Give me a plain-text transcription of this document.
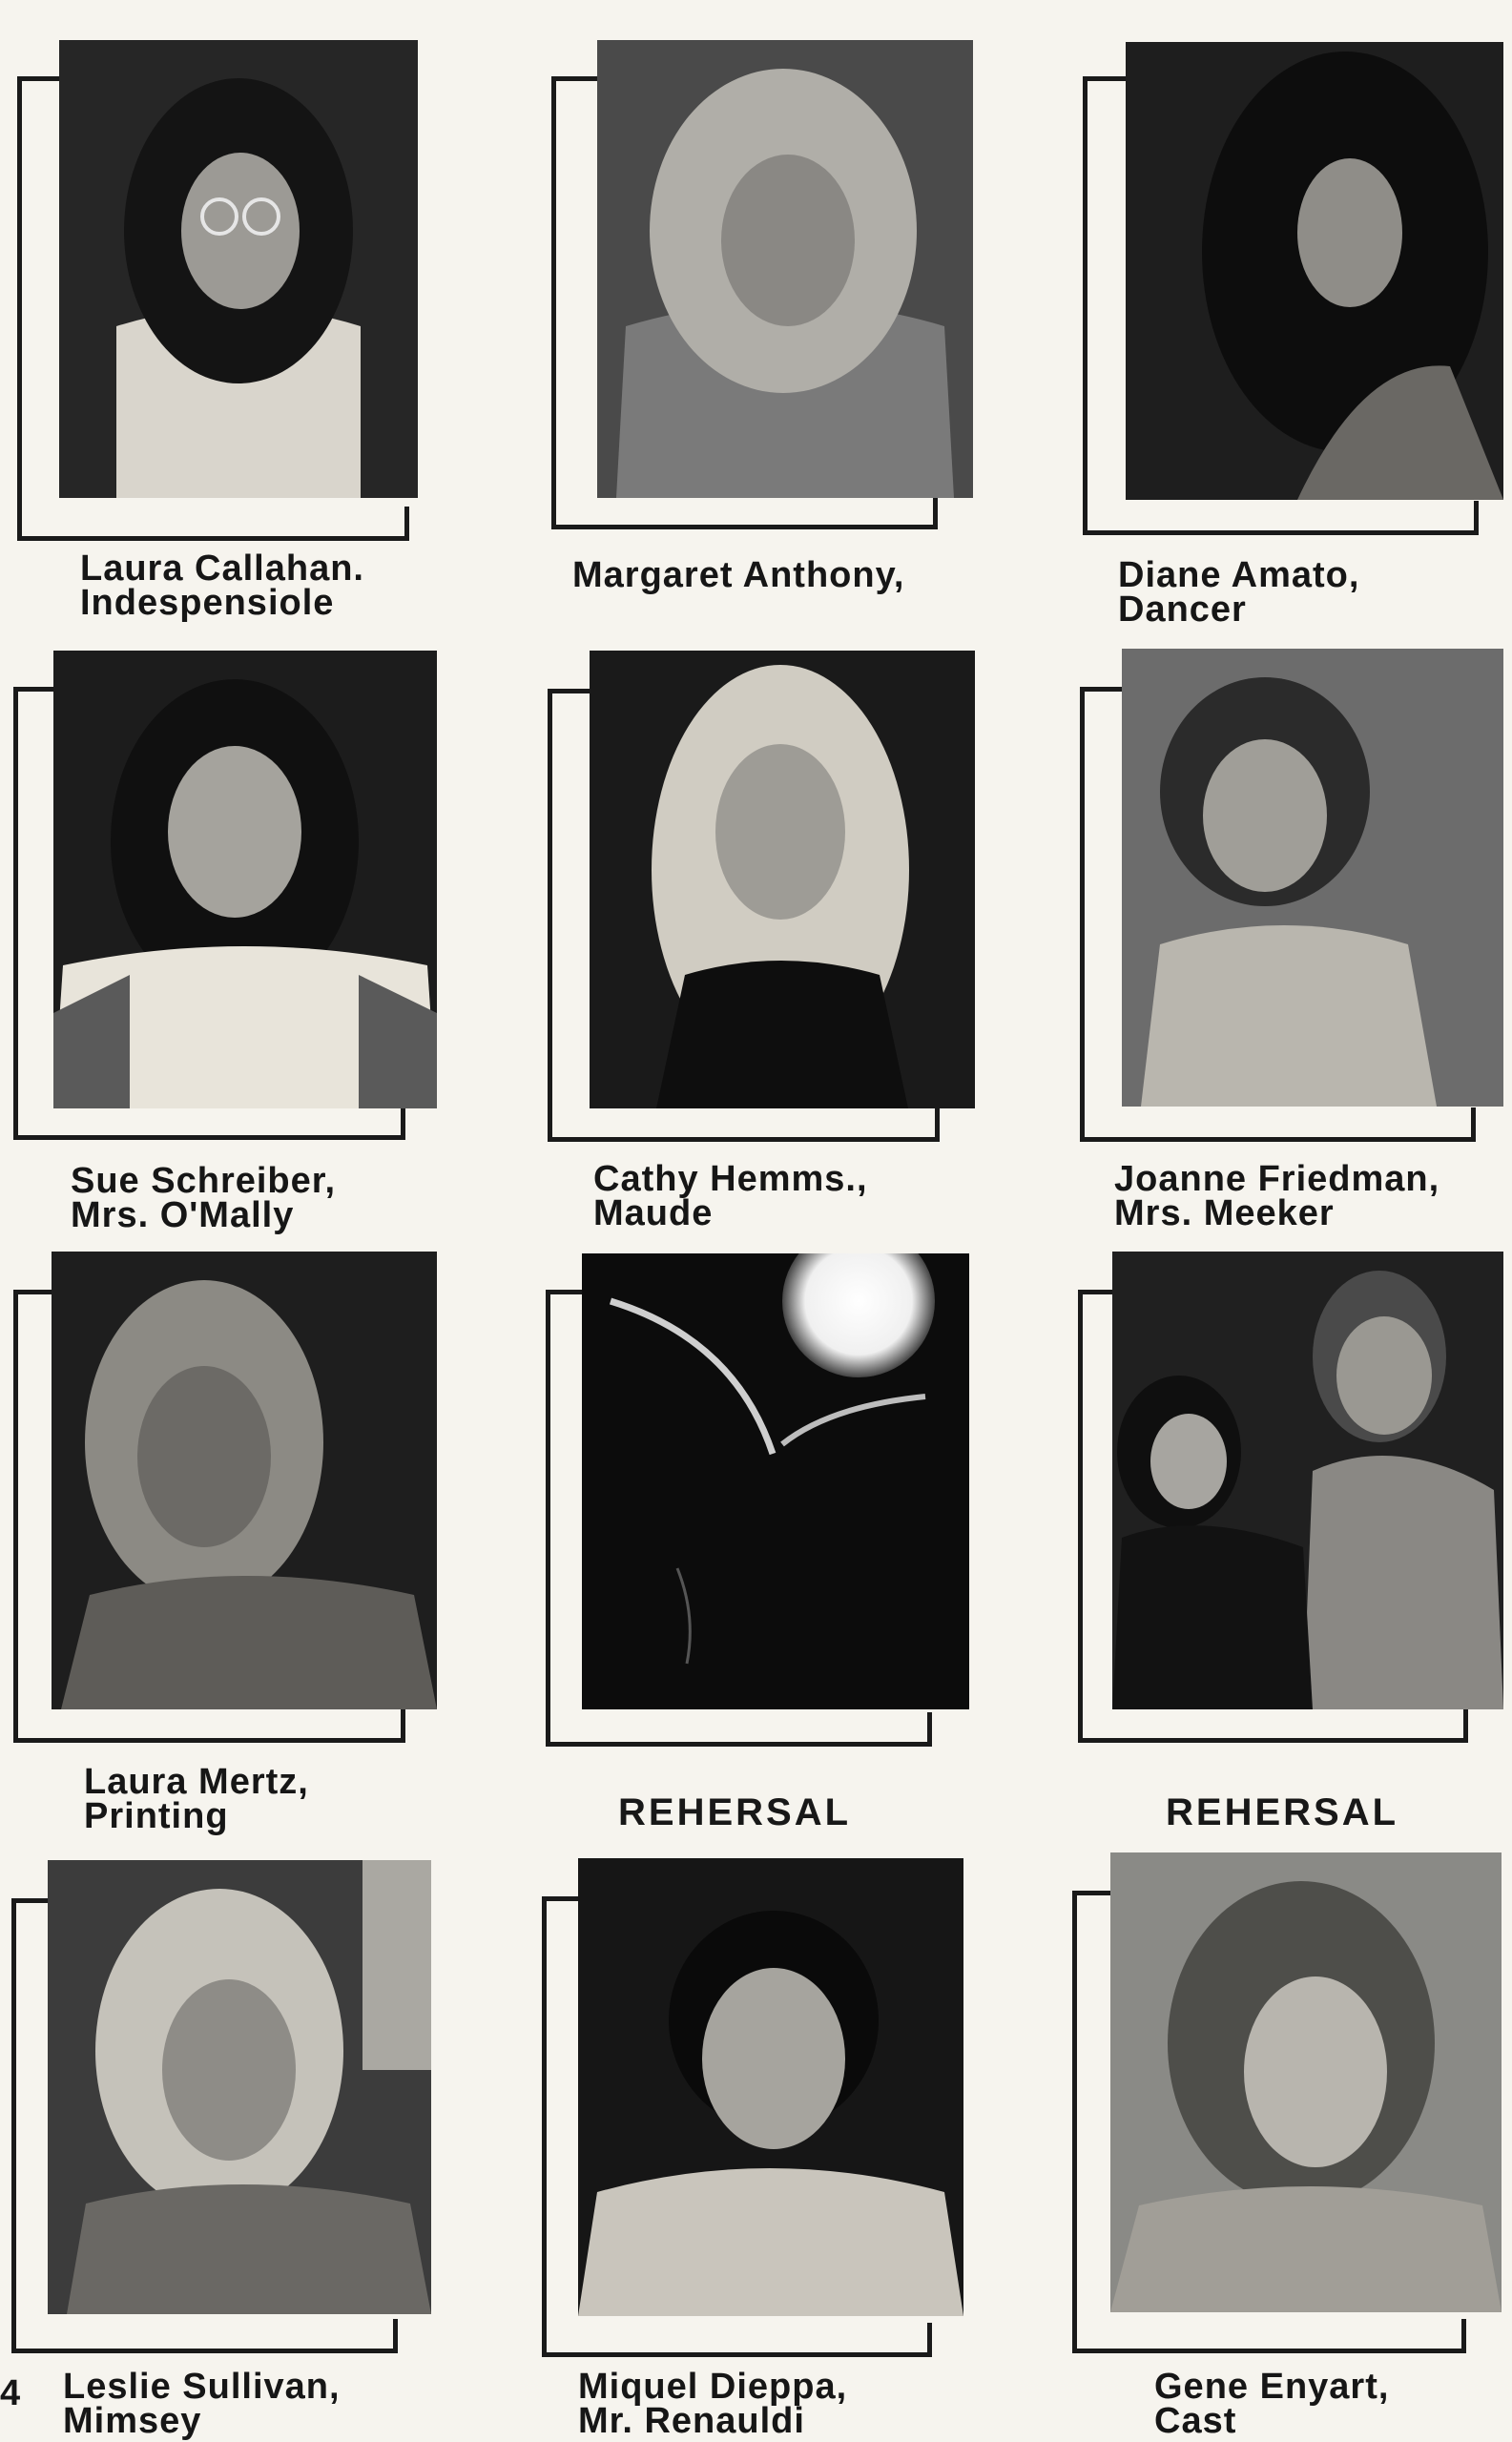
Laura Callahan.
Indespensiole
Margaret Anthony,	Diane Amato,
Dancer
Sue Schreiber,
Mrs. O'Mally
Cathy Hemms.,
Maude
Joanne Friedman,
Mrs. Meeker
Laura Mertz,
Printing	REHERSAL	REHERSAL
Leslie Sullivan,
Mimsey
4	Miquel Dieppa,
Mr. Renauldi
Gene Enyart,
Cast
